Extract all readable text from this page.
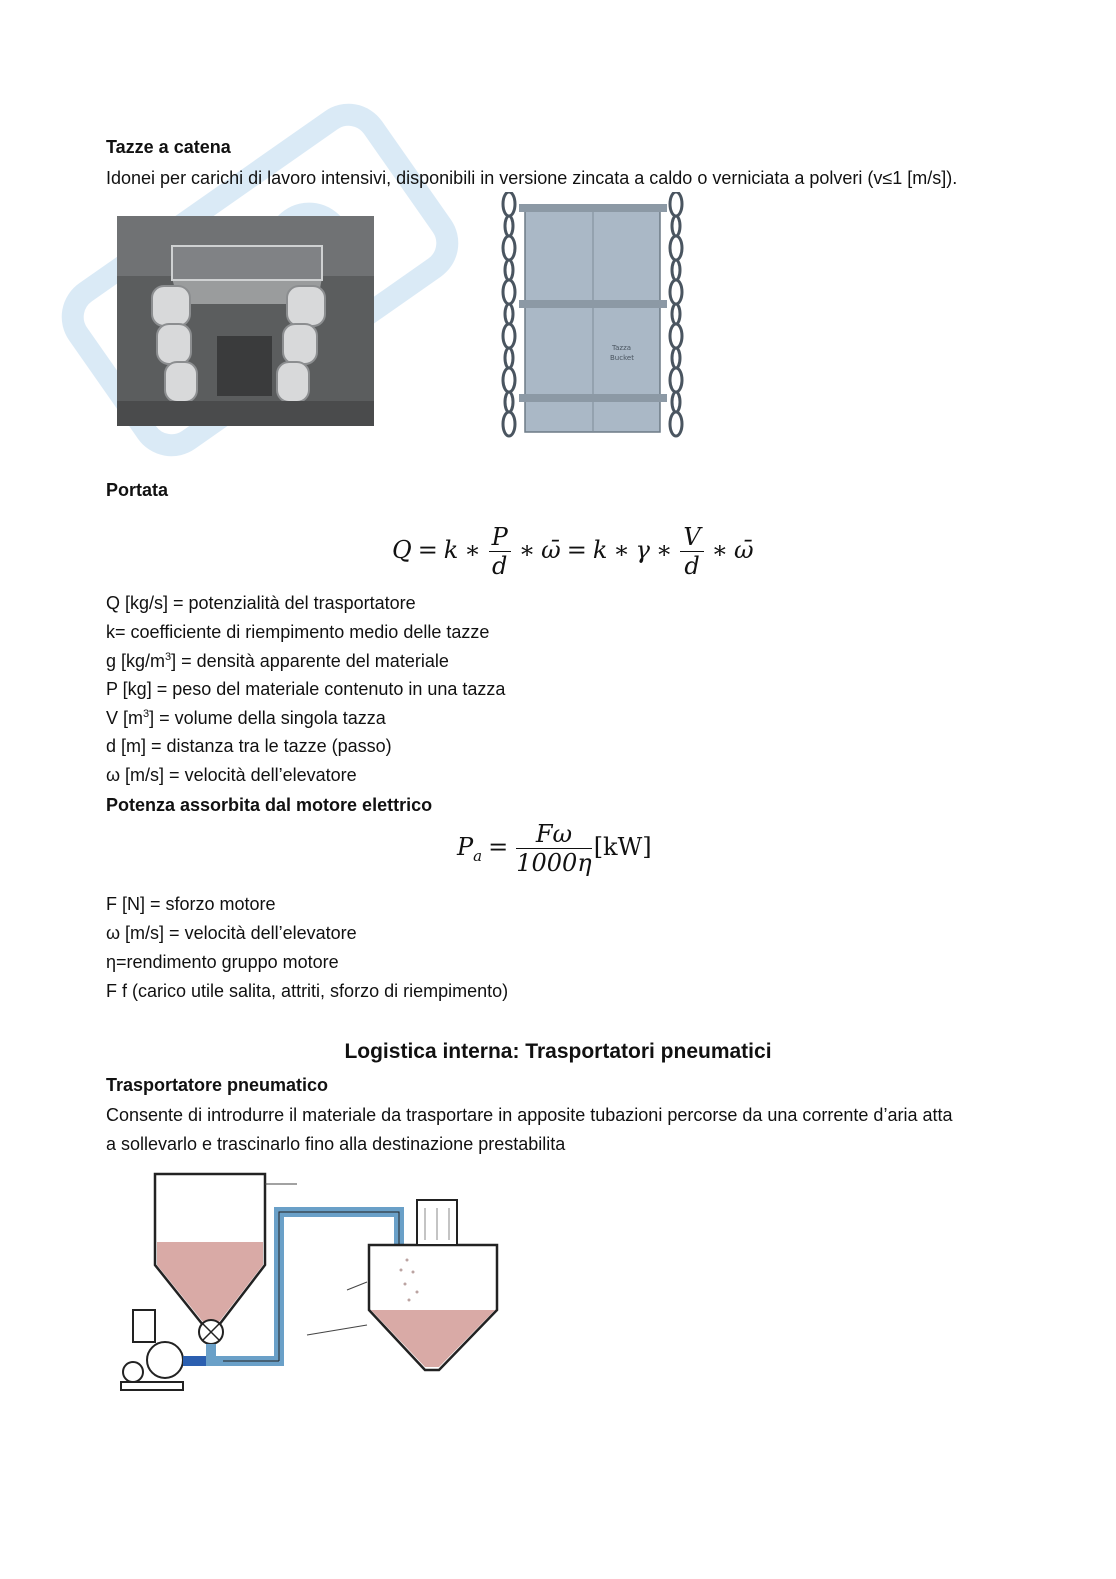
Tazze a catena
Idonei per carichi di lavoro intensivi, disponibili in versione zincata a caldo o verniciata a polveri (v≤1 [m/s]).
Tazza
Bucket
Portata
Q = k ∗ $\frac{P}{d}$ ∗ ω̄ = k ∗ γ ∗ $\frac{V}{d}$ ∗ ω̄
Q [kg/s] = potenzialità del trasportatore
k= coefficiente di riempimento medio delle tazze
g $[kg/m^3]$ = densità apparente del materiale
P [kg] = peso del materiale contenuto in una tazza
V $[m^3]$ = volume della singola tazza
d [m] = distanza tra le tazze (passo)
ω [m/s] = velocità dell’elevatore
Potenza assorbita dal motore elettrico
$P_a = \frac{F\omega}{1000\eta} [kW]$
F [N] = sforzo motore
ω [m/s] = velocità dell’elevatore
η=rendimento gruppo motore
F f (carico utile salita, attriti, sforzo di riempimento)
Logistica interna: Trasportatori pneumatici
Trasportatore pneumatico
Consente di introdurre il materiale da trasportare in apposite tubazioni percorse da una corrente d’aria atta
a sollevarlo e trascinarlo fino alla destinazione prestabilita
